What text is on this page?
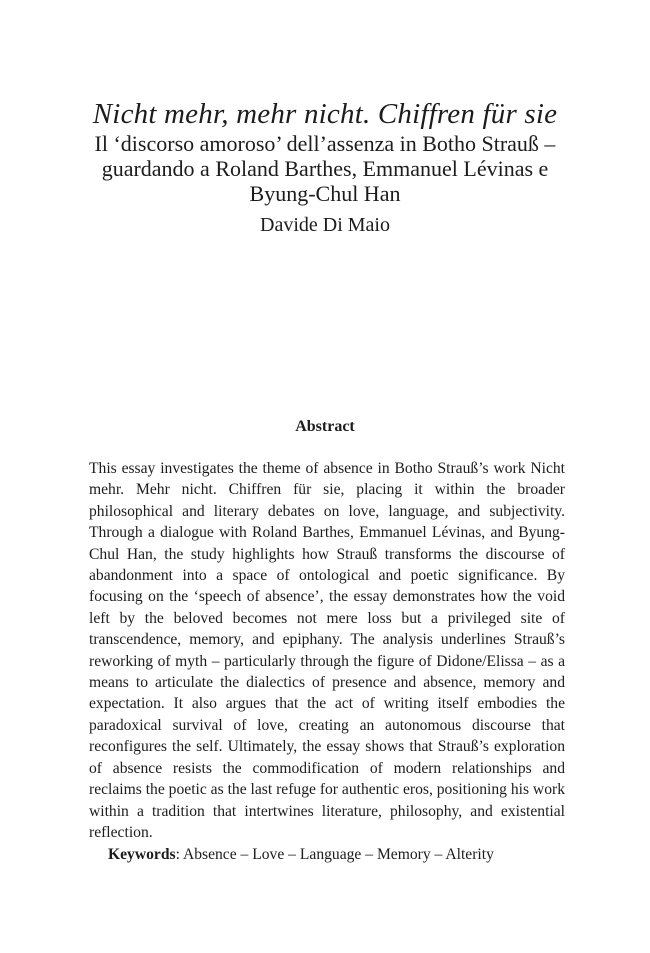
Nicht mehr, mehr nicht. Chiffren für sie
Il ‘discorso amoroso’ dell’assenza in Botho Strauß – guardando a Roland Barthes, Emmanuel Lévinas e Byung-Chul Han
Davide Di Maio
Abstract

This essay investigates the theme of absence in Botho Strauß’s work Nicht mehr. Mehr nicht. Chiffren für sie, placing it within the broader philosophical and literary debates on love, language, and subjectivity. Through a dialogue with Roland Barthes, Emmanuel Lévinas, and Byung-Chul Han, the study highlights how Strauß transforms the discourse of abandonment into a space of ontological and poetic significance. By focusing on the ‘speech of absence’, the essay demonstrates how the void left by the beloved becomes not mere loss but a privileged site of transcendence, memory, and epiphany. The analysis underlines Strauß’s reworking of myth – particularly through the figure of Didone/Elissa – as a means to articulate the dialectics of presence and absence, memory and expectation. It also argues that the act of writing itself embodies the paradoxical survival of love, creating an autonomous discourse that reconfigures the self. Ultimately, the essay shows that Strauß’s exploration of absence resists the commodification of modern relationships and reclaims the poetic as the last refuge for authentic eros, positioning his work within a tradition that intertwines literature, philosophy, and existential reflection.

Keywords: Absence – Love – Language – Memory – Alterity
